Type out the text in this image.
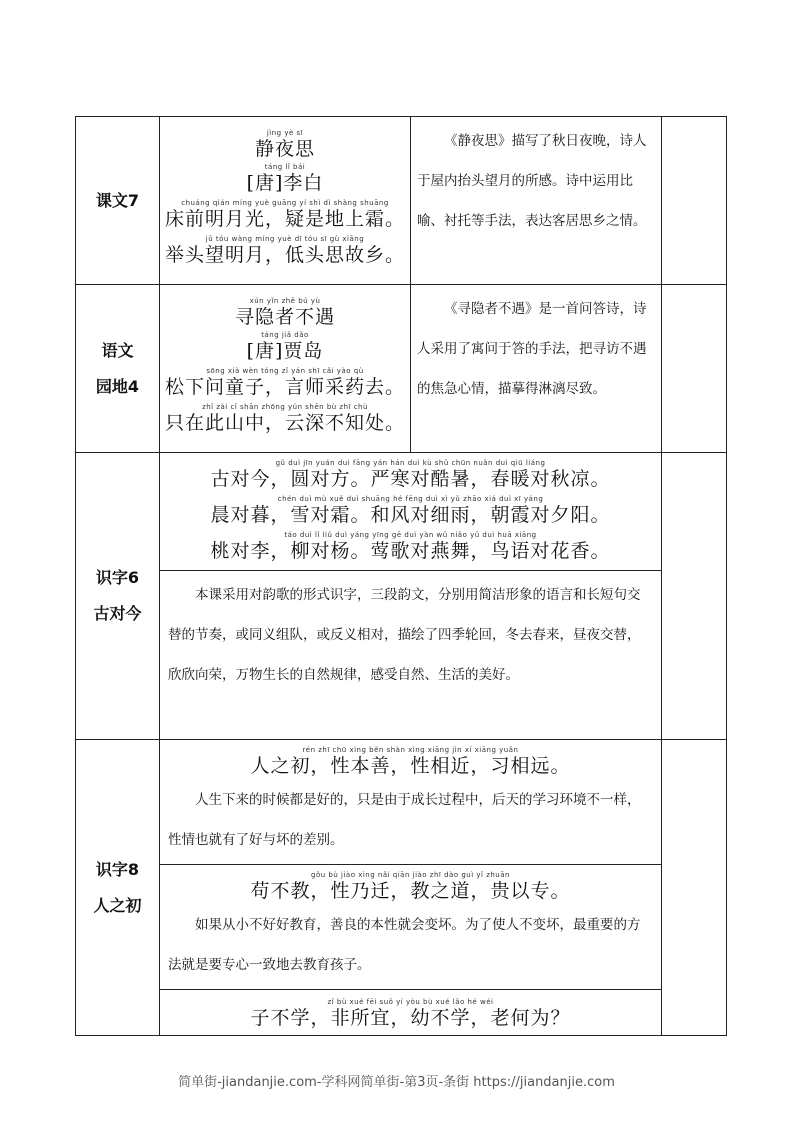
课文7
jìng yè sī
静夜思
táng lǐ bái
[唐]李白
chuáng qián míng yuè guāng yí shì dì shàng shuāng
床前明月光，疑是地上霜。
jǔ tóu wàng míng yuè dī tóu sī gù xiāng
举头望明月，低头思故乡。
《静夜思》描写了秋日夜晚，诗人于屋内抬头望月的所感。诗中运用比喻、衬托等手法，表达客居思乡之情。
语文
园地4
xún yǐn zhě bú yù
寻隐者不遇
táng jiǎ dǎo
[唐]贾岛
sōng xià wèn tóng zǐ yán shī cǎi yào qù
松下问童子，言师采药去。
zhǐ zài cǐ shān zhōng yún shēn bù zhī chù
只在此山中，云深不知处。
《寻隐者不遇》是一首问答诗，诗人采用了寓问于答的手法，把寻访不遇的焦急心情，描摹得淋漓尽致。
识字6
古对今
gǔ duì jīn yuán duì fāng yán hán duì kù shǔ chūn nuǎn duì qiū liáng
古对今，圆对方。严寒对酷暑，春暖对秋凉。
chén duì mù xuě duì shuāng hé fēng duì xì yǔ zhāo xiá duì xī yáng
晨对暮，雪对霜。和风对细雨，朝霞对夕阳。
táo duì lǐ liǔ duì yáng yīng gē duì yàn wǔ niǎo yǔ duì huā xiāng
桃对李，柳对杨。莺歌对燕舞，鸟语对花香。
本课采用对韵歌的形式识字，三段韵文，分别用简洁形象的语言和长短句交替的节奏，或同义组队，或反义相对，描绘了四季轮回，冬去春来，昼夜交替，欣欣向荣，万物生长的自然规律，感受自然、生活的美好。
识字8
人之初
rén zhī chū xìng běn shàn xìng xiāng jìn xí xiāng yuǎn
人之初，性本善，性相近，习相远。
人生下来的时候都是好的，只是由于成长过程中，后天的学习环境不一样，性情也就有了好与坏的差别。
gǒu bù jiào xìng nǎi qiān jiào zhī dào guì yǐ zhuān
苟不教，性乃迁，教之道，贵以专。
如果从小不好好教育，善良的本性就会变坏。为了使人不变坏，最重要的方法就是要专心一致地去教育孩子。
zǐ bù xué fēi suǒ yí yòu bù xué lǎo hé wéi
子不学，非所宜，幼不学，老何为？
简单街-jiandanjie.com-学科网简单街-第3页-条街 https://jiandanjie.com
